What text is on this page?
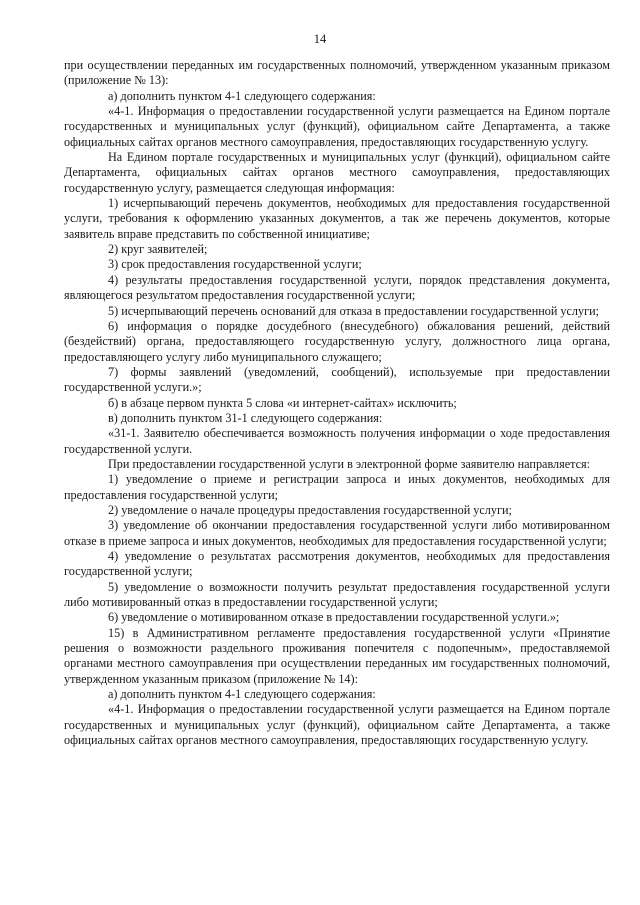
14

при осуществлении переданных им государственных полномочий, утвержденном указанным приказом (приложение № 13):

а) дополнить пунктом 4-1 следующего содержания:

«4-1. Информация о предоставлении государственной услуги размещается на Едином портале государственных и муниципальных услуг (функций), официальном сайте Департамента, а также официальных сайтах органов местного самоуправления, предоставляющих государственную услугу.

На Едином портале государственных и муниципальных услуг (функций), официальном сайте Департамента, официальных сайтах органов местного самоуправления, предоставляющих государственную услугу, размещается следующая информация:

1) исчерпывающий перечень документов, необходимых для предоставления государственной услуги, требования к оформлению указанных документов, а так же перечень документов, которые заявитель вправе представить по собственной инициативе;

2) круг заявителей;

3) срок предоставления государственной услуги;

4) результаты предоставления государственной услуги, порядок представления документа, являющегося результатом предоставления государственной услуги;

5) исчерпывающий перечень оснований для отказа в предоставлении государственной услуги;

6) информация о порядке досудебного (внесудебного) обжалования решений, действий (бездействий) органа, предоставляющего государственную услугу, должностного лица органа, предоставляющего услугу либо муниципального служащего;

7) формы заявлений (уведомлений, сообщений), используемые при предоставлении государственной услуги.»;

б) в абзаце первом пункта 5 слова «и интернет-сайтах» исключить;

в) дополнить пунктом 31-1 следующего содержания:

«31-1. Заявителю обеспечивается возможность получения информации о ходе предоставления государственной услуги.

При предоставлении государственной услуги в электронной форме заявителю направляется:

1) уведомление о приеме и регистрации запроса и иных документов, необходимых для предоставления государственной услуги;

2) уведомление о начале процедуры предоставления государственной услуги;

3) уведомление об окончании предоставления государственной услуги либо мотивированном отказе в приеме запроса и иных документов, необходимых для предоставления государственной услуги;

4) уведомление о результатах рассмотрения документов, необходимых для предоставления государственной услуги;

5) уведомление о возможности получить результат предоставления государственной услуги либо мотивированный отказ в предоставлении государственной услуги;

6) уведомление о мотивированном отказе в предоставлении государственной услуги.»;

15) в Административном регламенте предоставления государственной услуги «Принятие решения о возможности раздельного проживания попечителя с подопечным», предоставляемой органами местного самоуправления при осуществлении переданных им государственных полномочий, утвержденном указанным приказом (приложение № 14):

а) дополнить пунктом 4-1 следующего содержания:

«4-1. Информация о предоставлении государственной услуги размещается на Едином портале государственных и муниципальных услуг (функций), официальном сайте Департамента, а также официальных сайтах органов местного самоуправления, предоставляющих государственную услугу.
